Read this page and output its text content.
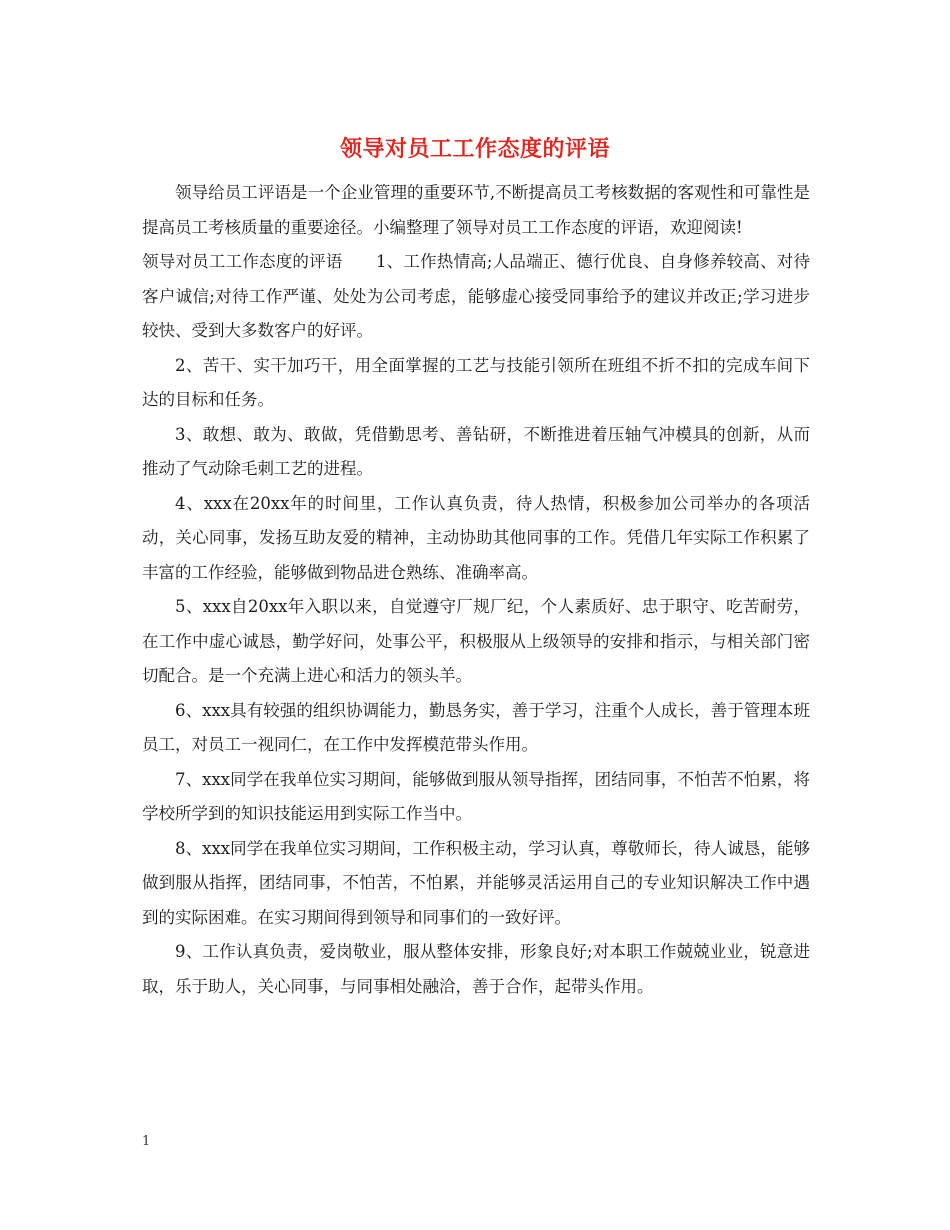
领导对员工工作态度的评语

领导给员工评语是一个企业管理的重要环节,不断提高员工考核数据的客观性和可靠性是提高员工考核质量的重要途径。小编整理了领导对员工工作态度的评语，欢迎阅读!

领导对员工工作态度的评语　　1、工作热情高;人品端正、德行优良、自身修养较高、对待客户诚信;对待工作严谨、处处为公司考虑，能够虚心接受同事给予的建议并改正;学习进步较快、受到大多数客户的好评。

2、苦干、实干加巧干，用全面掌握的工艺与技能引领所在班组不折不扣的完成车间下达的目标和任务。

3、敢想、敢为、敢做，凭借勤思考、善钻研，不断推进着压轴气冲模具的创新，从而推动了气动除毛刺工艺的进程。

4、xxx在20xx年的时间里，工作认真负责，待人热情，积极参加公司举办的各项活动，关心同事，发扬互助友爱的精神，主动协助其他同事的工作。凭借几年实际工作积累了丰富的工作经验，能够做到物品进仓熟练、准确率高。

5、xxx自20xx年入职以来，自觉遵守厂规厂纪，个人素质好、忠于职守、吃苦耐劳，在工作中虚心诚恳，勤学好问，处事公平，积极服从上级领导的安排和指示，与相关部门密切配合。是一个充满上进心和活力的领头羊。

6、xxx具有较强的组织协调能力，勤恳务实，善于学习，注重个人成长，善于管理本班员工，对员工一视同仁，在工作中发挥模范带头作用。

7、xxx同学在我单位实习期间，能够做到服从领导指挥，团结同事，不怕苦不怕累，将学校所学到的知识技能运用到实际工作当中。

8、xxx同学在我单位实习期间，工作积极主动，学习认真，尊敬师长，待人诚恳，能够做到服从指挥，团结同事，不怕苦，不怕累，并能够灵活运用自己的专业知识解决工作中遇到的实际困难。在实习期间得到领导和同事们的一致好评。

9、工作认真负责，爱岗敬业，服从整体安排，形象良好;对本职工作兢兢业业，锐意进取，乐于助人，关心同事，与同事相处融洽，善于合作，起带头作用。

1
